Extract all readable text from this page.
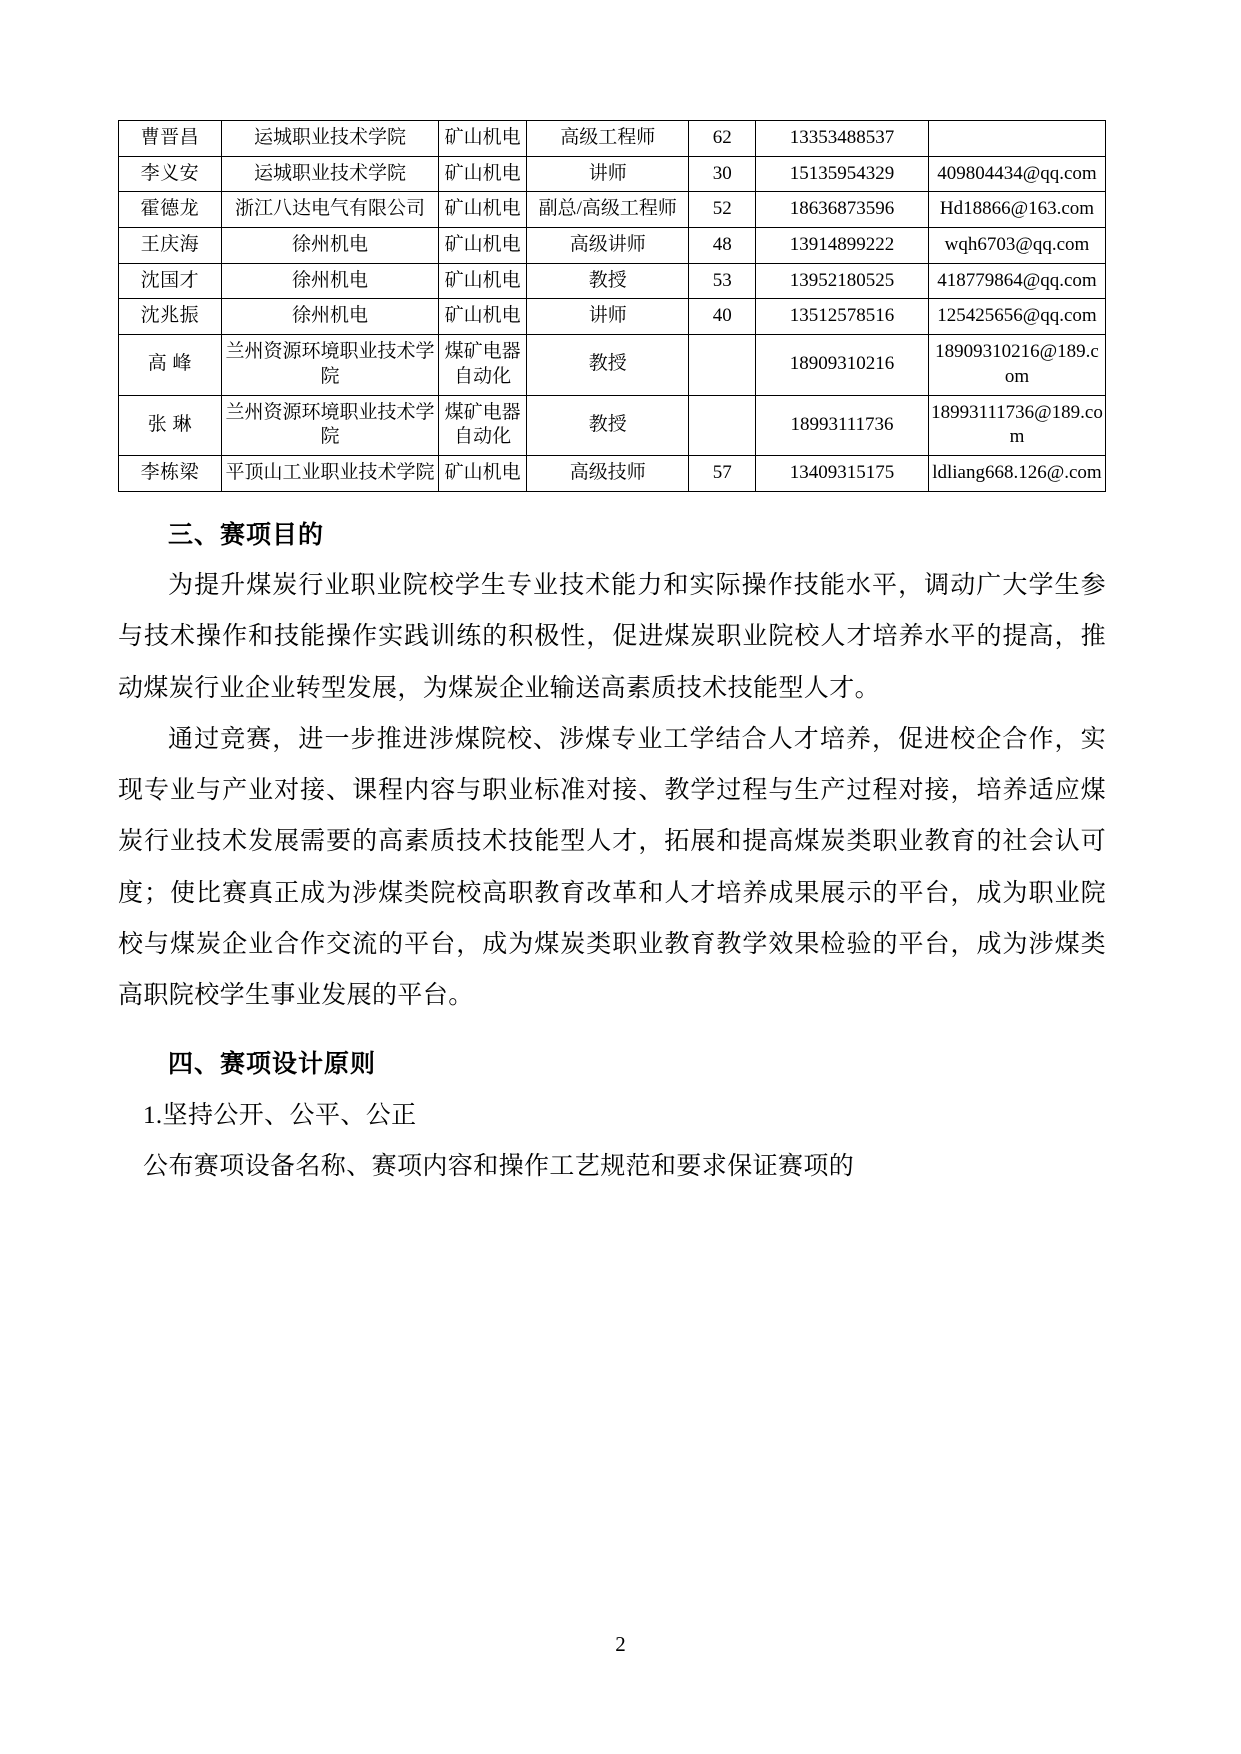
曹晋昌	运城职业技术学院	矿山机电	高级工程师	62	13353488537	
李义安	运城职业技术学院	矿山机电	讲师	30	15135954329	409804434@qq.com
霍德龙	浙江八达电气有限公司	矿山机电	副总/高级工程师	52	18636873596	Hd18866@163.com
王庆海	徐州机电	矿山机电	高级讲师	48	13914899222	wqh6703@qq.com
沈国才	徐州机电	矿山机电	教授	53	13952180525	418779864@qq.com
沈兆振	徐州机电	矿山机电	讲师	40	13512578516	125425656@qq.com
高 峰	兰州资源环境职业技术学院	煤矿电器自动化	教授		18909310216	18909310216@189.com
张 琳	兰州资源环境职业技术学院	煤矿电器自动化	教授		18993111736	18993111736@189.com
李栋梁	平顶山工业职业技术学院	矿山机电	高级技师	57	13409315175	ldliang668.126@.com
三、赛项目的

为提升煤炭行业职业院校学生专业技术能力和实际操作技能水平，调动广大学生参与技术操作和技能操作实践训练的积极性，促进煤炭职业院校人才培养水平的提高，推动煤炭行业企业转型发展，为煤炭企业输送高素质技术技能型人才。

通过竞赛，进一步推进涉煤院校、涉煤专业工学结合人才培养，促进校企合作，实现专业与产业对接、课程内容与职业标准对接、教学过程与生产过程对接，培养适应煤炭行业技术发展需要的高素质技术技能型人才，拓展和提高煤炭类职业教育的社会认可度；使比赛真正成为涉煤类院校高职教育改革和人才培养成果展示的平台，成为职业院校与煤炭企业合作交流的平台，成为煤炭类职业教育教学效果检验的平台，成为涉煤类高职院校学生事业发展的平台。

四、赛项设计原则

1.坚持公开、公平、公正

公布赛项设备名称、赛项内容和操作工艺规范和要求保证赛项的

2
